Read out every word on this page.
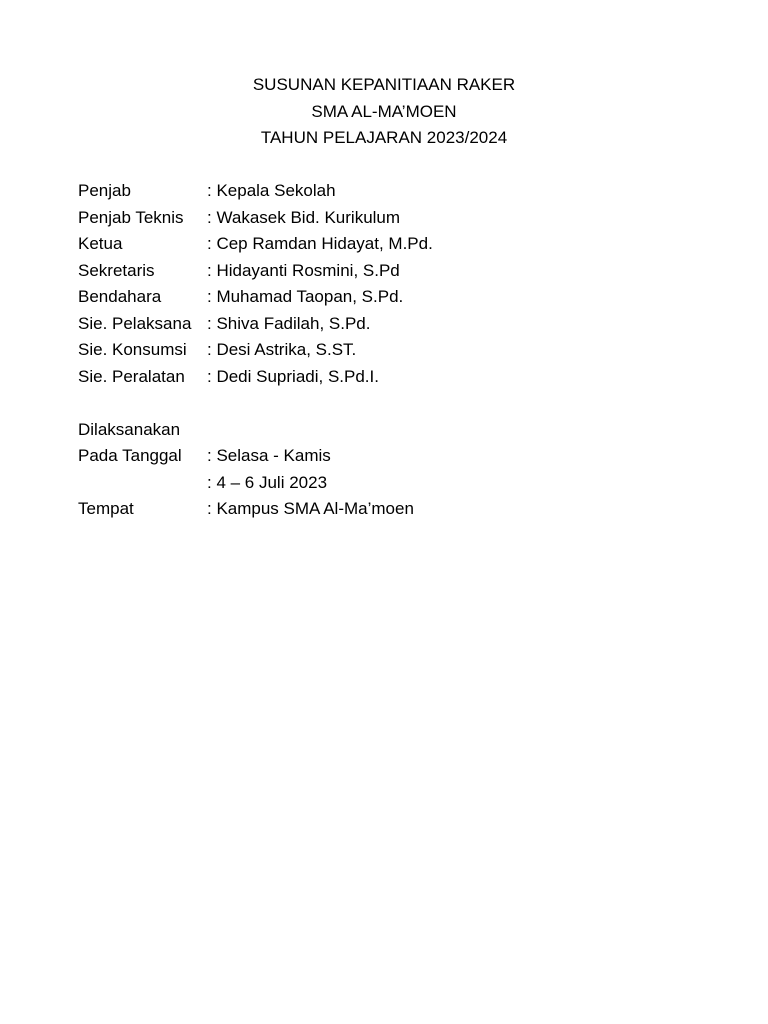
SUSUNAN KEPANITIAAN RAKER
SMA AL-MA’MOEN
TAHUN PELAJARAN 2023/2024
Penjab	: Kepala Sekolah
Penjab Teknis	: Wakasek Bid. Kurikulum
Ketua	: Cep Ramdan Hidayat, M.Pd.
Sekretaris	: Hidayanti Rosmini, S.Pd
Bendahara	: Muhamad Taopan, S.Pd.
Sie. Pelaksana : Shiva Fadilah, S.Pd.
Sie. Konsumsi	: Desi Astrika, S.ST.
Sie. Peralatan	: Dedi Supriadi, S.Pd.I.
Dilaksanakan
Pada Tanggal	: Selasa - Kamis
: 4 – 6 Juli 2023
Tempat	: Kampus SMA Al-Ma’moen
